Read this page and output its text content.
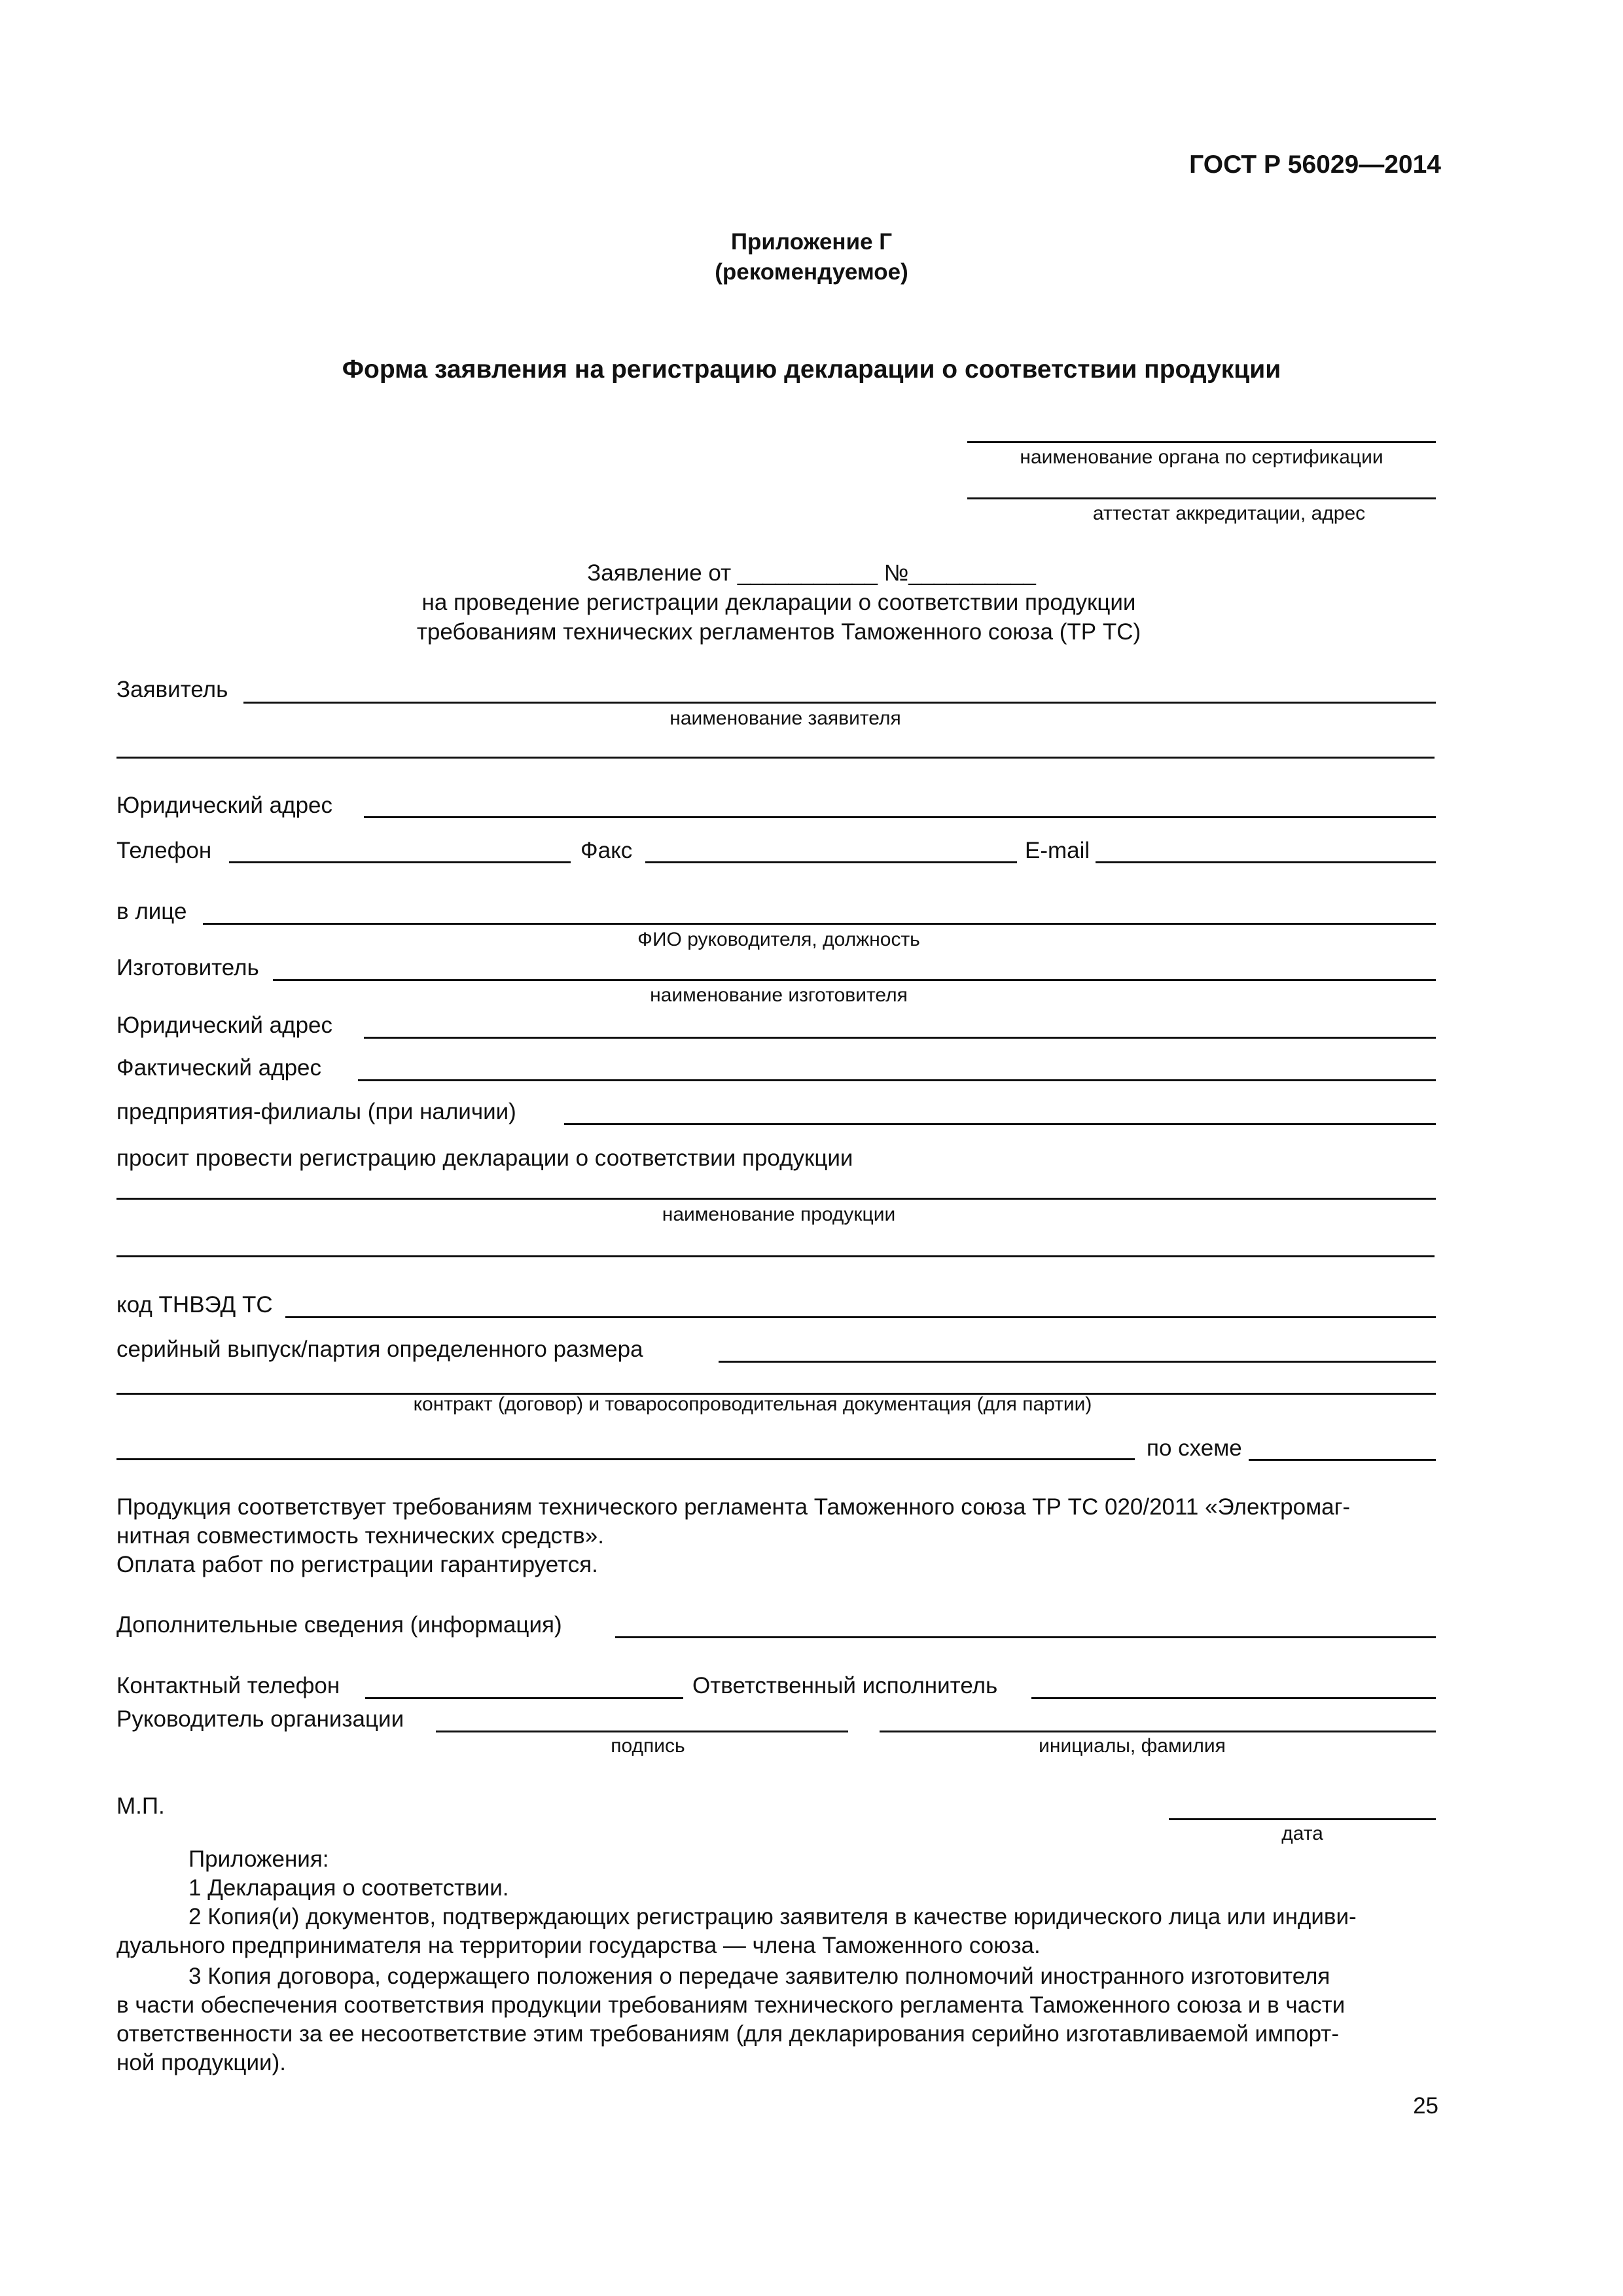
ГОСТ Р 56029—2014
Приложение Г
(рекомендуемое)
Форма заявления на регистрацию декларации о соответствии продукции
наименование органа по сертификации
аттестат аккредитации, адрес
Заявление от ___________ №__________
на проведение регистрации декларации о соответствии продукции
требованиям технических регламентов Таможенного союза (ТР ТС)
Заявитель
наименование заявителя
Юридический адрес
Телефон	Факс	E-mail
в лице
ФИО руководителя, должность
Изготовитель
наименование изготовителя
Юридический адрес
Фактический адрес
предприятия-филиалы (при наличии)
просит провести регистрацию декларации о соответствии продукции
наименование продукции
код ТНВЭД ТС
серийный выпуск/партия определенного размера
контракт (договор) и товаросопроводительная документация (для партии)
по схеме
Продукция соответствует требованиям технического регламента Таможенного союза ТР ТС 020/2011 «Электромаг-
нитная совместимость технических средств».
Оплата работ по регистрации гарантируется.
Дополнительные сведения (информация)
Контактный телефон	Ответственный исполнитель
Руководитель организации
подпись	инициалы, фамилия
М.П.
дата
Приложения:
1 Декларация о соответствии.
2 Копия(и) документов, подтверждающих регистрацию заявителя в качестве юридического лица или индиви-
дуального предпринимателя на территории государства — члена Таможенного союза.
3 Копия договора, содержащего положения о передаче заявителю полномочий иностранного изготовителя
в части обеспечения соответствия продукции требованиям технического регламента Таможенного союза и в части
ответственности за ее несоответствие этим требованиям (для декларирования серийно изготавливаемой импорт-
ной продукции).
25
